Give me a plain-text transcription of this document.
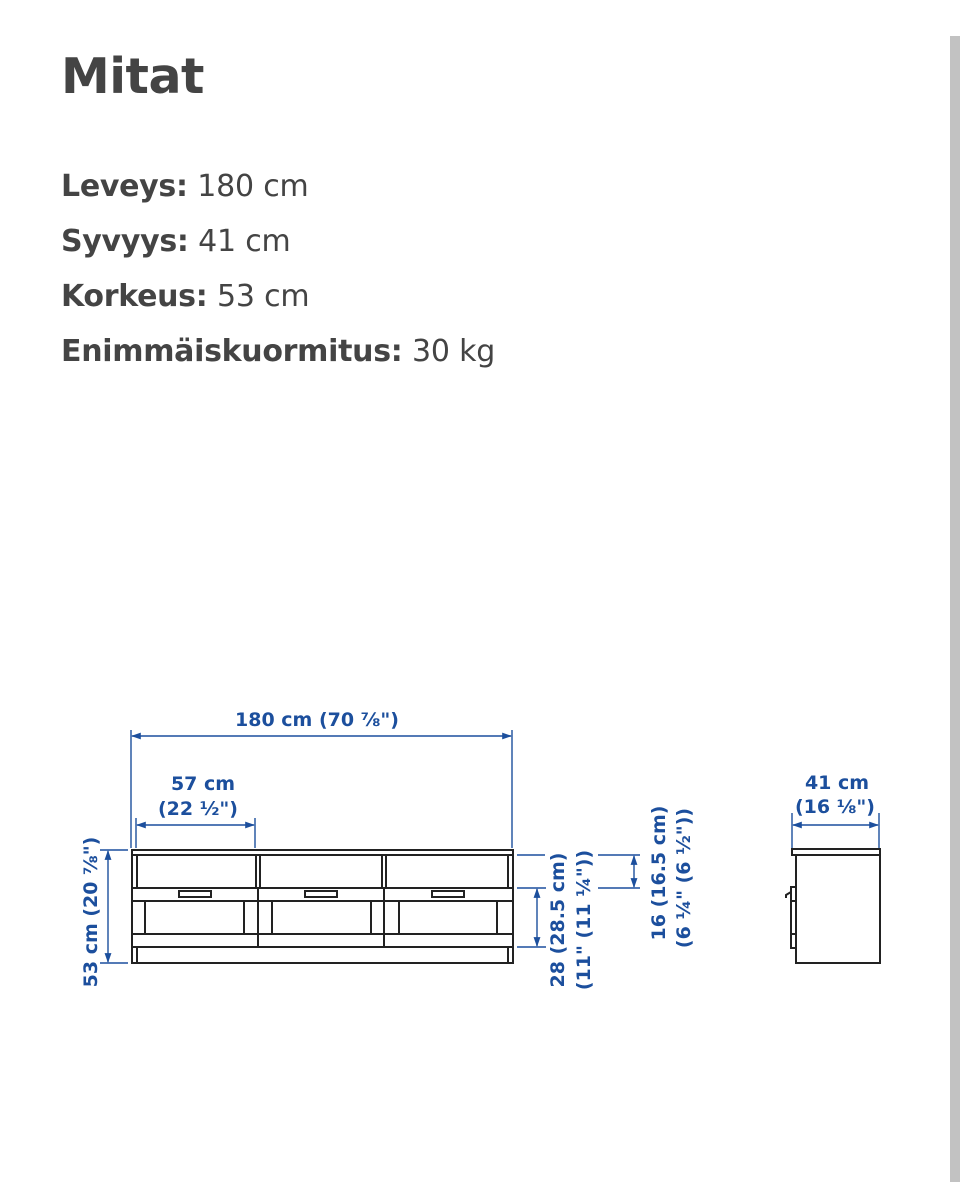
Mitat
Leveys: 180 cm
Syvyys: 41 cm
Korkeus: 53 cm
Enimmäiskuormitus: 30 kg
180 cm (70 ⅞")
57 cm
(22 ½")
53 cm (20 ⅞")	28 (28.5 cm) (11" (11 ¼"))	16 (16.5 cm) (6 ¼" (6 ½"))
41 cm
(16 ⅛")
